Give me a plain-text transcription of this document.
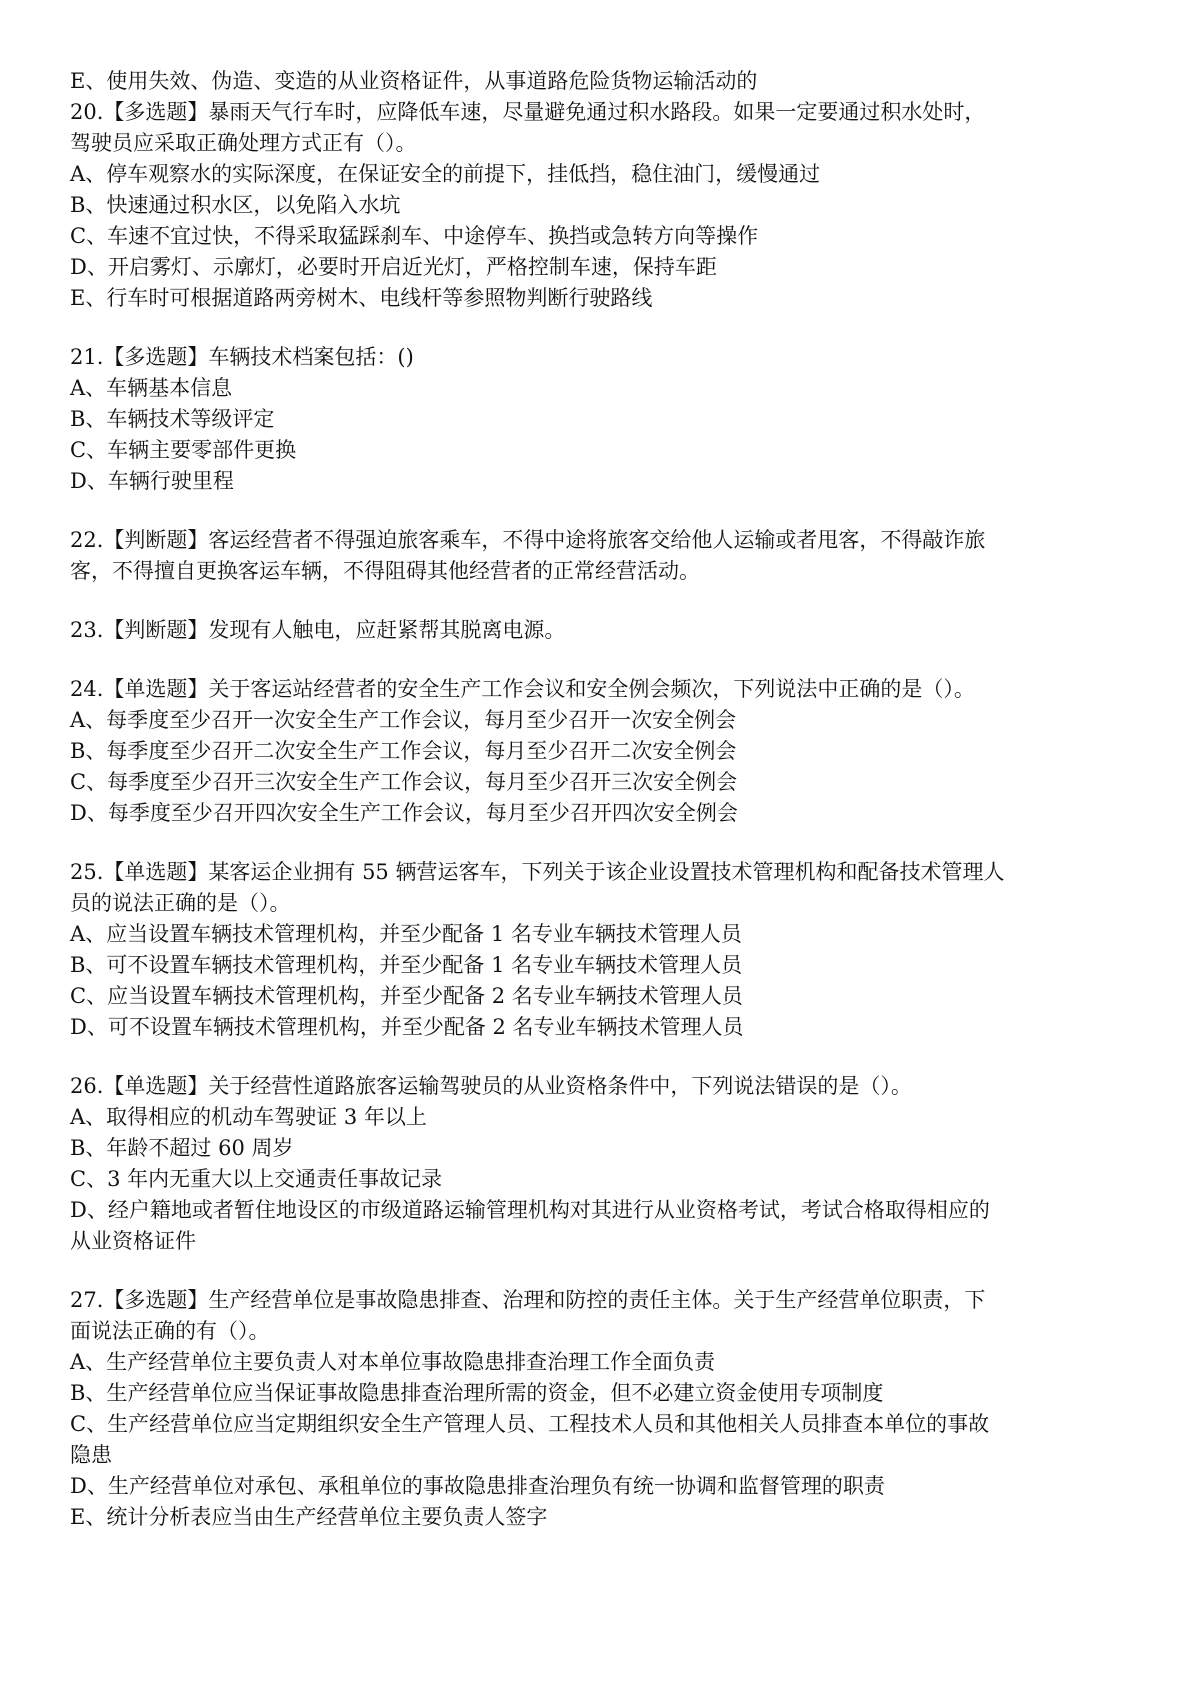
E、使用失效、伪造、变造的从业资格证件，从事道路危险货物运输活动的
20.【多选题】暴雨天气行车时，应降低车速，尽量避免通过积水路段。如果一定要通过积水处时，
驾驶员应采取正确处理方式正有（）。
A、停车观察水的实际深度，在保证安全的前提下，挂低挡，稳住油门，缓慢通过
B、快速通过积水区，以免陷入水坑
C、车速不宜过快，不得采取猛踩刹车、中途停车、换挡或急转方向等操作
D、开启雾灯、示廓灯，必要时开启近光灯，严格控制车速，保持车距
E、行车时可根据道路两旁树木、电线杆等参照物判断行驶路线
21.【多选题】车辆技术档案包括：()
A、车辆基本信息
B、车辆技术等级评定
C、车辆主要零部件更换
D、车辆行驶里程
22.【判断题】客运经营者不得强迫旅客乘车，不得中途将旅客交给他人运输或者甩客，不得敲诈旅
客，不得擅自更换客运车辆，不得阻碍其他经营者的正常经营活动。
23.【判断题】发现有人触电，应赶紧帮其脱离电源。
24.【单选题】关于客运站经营者的安全生产工作会议和安全例会频次，下列说法中正确的是（）。
A、每季度至少召开一次安全生产工作会议，每月至少召开一次安全例会
B、每季度至少召开二次安全生产工作会议，每月至少召开二次安全例会
C、每季度至少召开三次安全生产工作会议，每月至少召开三次安全例会
D、每季度至少召开四次安全生产工作会议，每月至少召开四次安全例会
25.【单选题】某客运企业拥有 55 辆营运客车，下列关于该企业设置技术管理机构和配备技术管理人
员的说法正确的是（）。
A、应当设置车辆技术管理机构，并至少配备 1 名专业车辆技术管理人员
B、可不设置车辆技术管理机构，并至少配备 1 名专业车辆技术管理人员
C、应当设置车辆技术管理机构，并至少配备 2 名专业车辆技术管理人员
D、可不设置车辆技术管理机构，并至少配备 2 名专业车辆技术管理人员
26.【单选题】关于经营性道路旅客运输驾驶员的从业资格条件中，下列说法错误的是（）。
A、取得相应的机动车驾驶证 3 年以上
B、年龄不超过 60 周岁
C、3 年内无重大以上交通责任事故记录
D、经户籍地或者暂住地设区的市级道路运输管理机构对其进行从业资格考试，考试合格取得相应的
从业资格证件
27.【多选题】生产经营单位是事故隐患排查、治理和防控的责任主体。关于生产经营单位职责，下
面说法正确的有（）。
A、生产经营单位主要负责人对本单位事故隐患排查治理工作全面负责
B、生产经营单位应当保证事故隐患排查治理所需的资金，但不必建立资金使用专项制度
C、生产经营单位应当定期组织安全生产管理人员、工程技术人员和其他相关人员排查本单位的事故
隐患
D、生产经营单位对承包、承租单位的事故隐患排查治理负有统一协调和监督管理的职责
E、统计分析表应当由生产经营单位主要负责人签字
